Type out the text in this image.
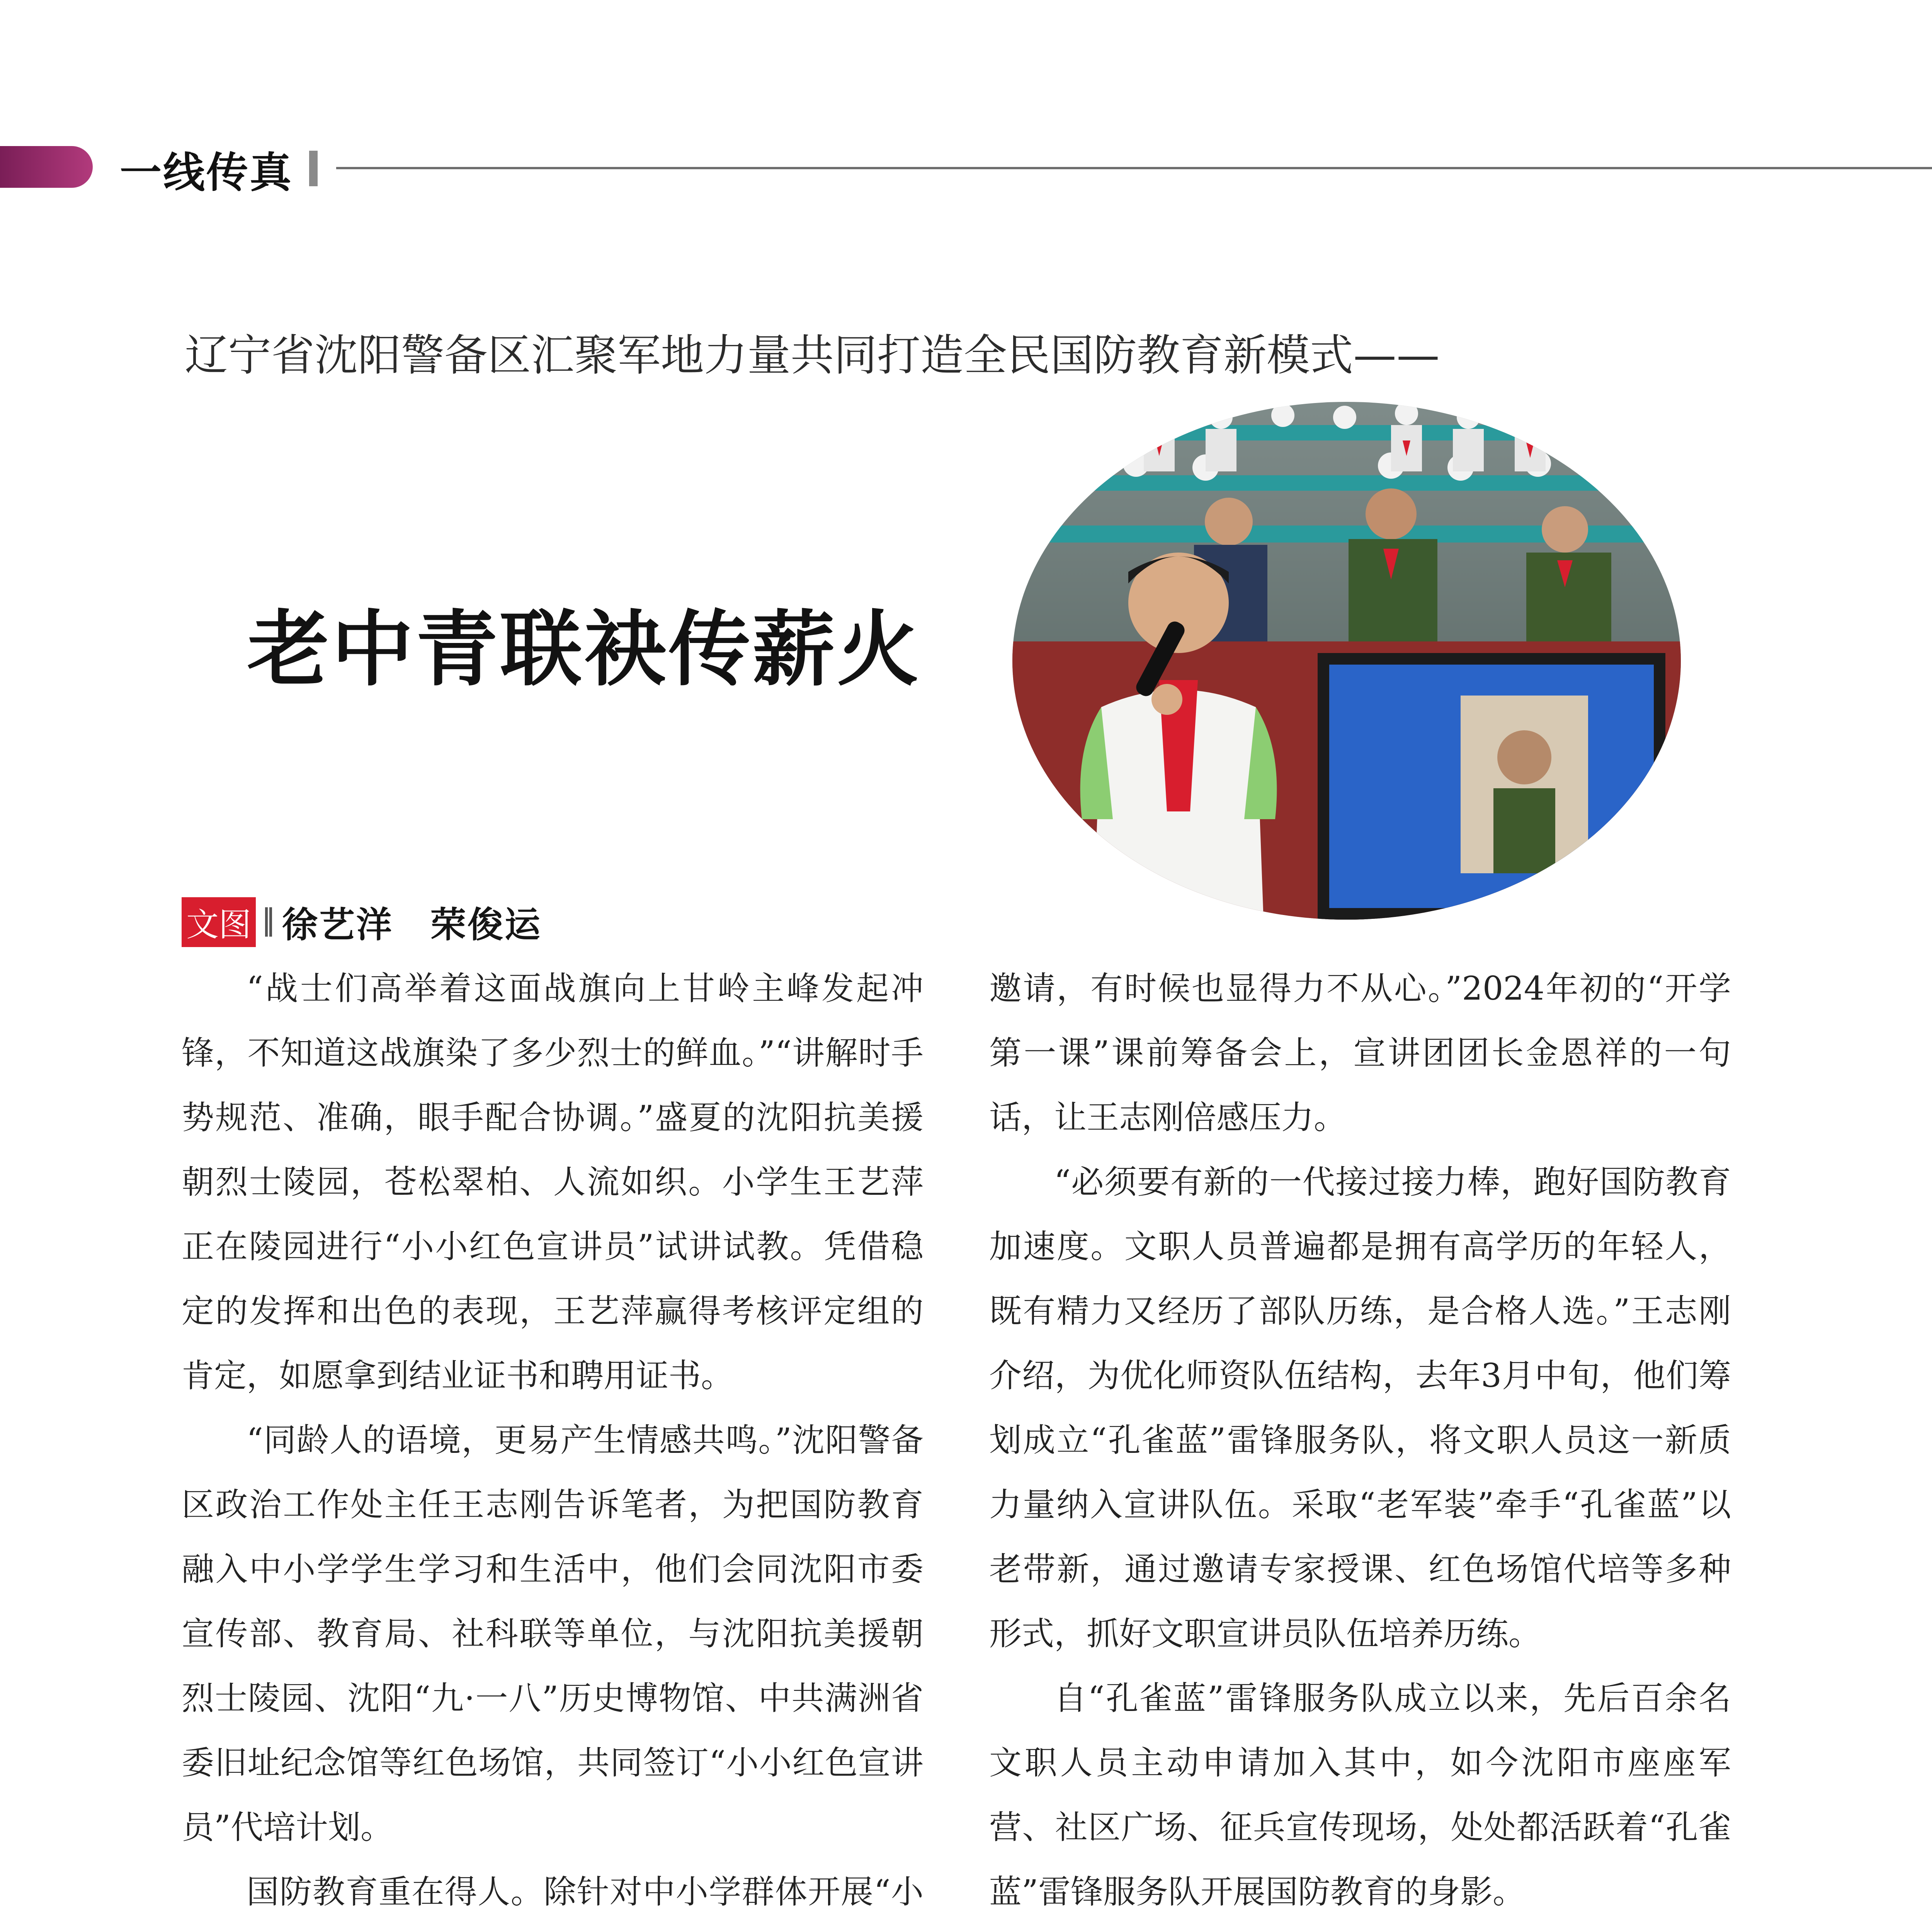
一线传真
辽宁省沈阳警备区汇聚军地力量共同打造全民国防教育新模式——
老中青联袂传薪火
文图 徐艺洋　荣俊运

“战士们高举着这面战旗向上甘岭主峰发起冲锋，不知道这战旗染了多少烈士的鲜血。”“讲解时手势规范、准确，眼手配合协调。”盛夏的沈阳抗美援朝烈士陵园，苍松翠柏、人流如织。小学生王艺萍正在陵园进行“小小红色宣讲员”试讲试教。凭借稳定的发挥和出色的表现，王艺萍赢得考核评定组的肯定，如愿拿到结业证书和聘用证书。

“同龄人的语境，更易产生情感共鸣。”沈阳警备区政治工作处主任王志刚告诉笔者，为把国防教育融入中小学学生学习和生活中，他们会同沈阳市委宣传部、教育局、社科联等单位，与沈阳抗美援朝烈士陵园、沈阳“九·一八”历史博物馆、中共满洲省委旧址纪念馆等红色场馆，共同签订“小小红色宣讲员”代培计划。

国防教育重在得人。除针对中小学群体开展“小

邀请，有时候也显得力不从心。”2024年初的“开学第一课”课前筹备会上，宣讲团团长金恩祥的一句话，让王志刚倍感压力。

“必须要有新的一代接过接力棒，跑好国防教育加速度。文职人员普遍都是拥有高学历的年轻人，既有精力又经历了部队历练，是合格人选。”王志刚介绍，为优化师资队伍结构，去年3月中旬，他们筹划成立“孔雀蓝”雷锋服务队，将文职人员这一新质力量纳入宣讲队伍。采取“老军装”牵手“孔雀蓝”以老带新，通过邀请专家授课、红色场馆代培等多种形式，抓好文职宣讲员队伍培养历练。

自“孔雀蓝”雷锋服务队成立以来，先后百余名文职人员主动申请加入其中，如今沈阳市座座军营、社区广场、征兵宣传现场，处处都活跃着“孔雀蓝”雷锋服务队开展国防教育的身影。
